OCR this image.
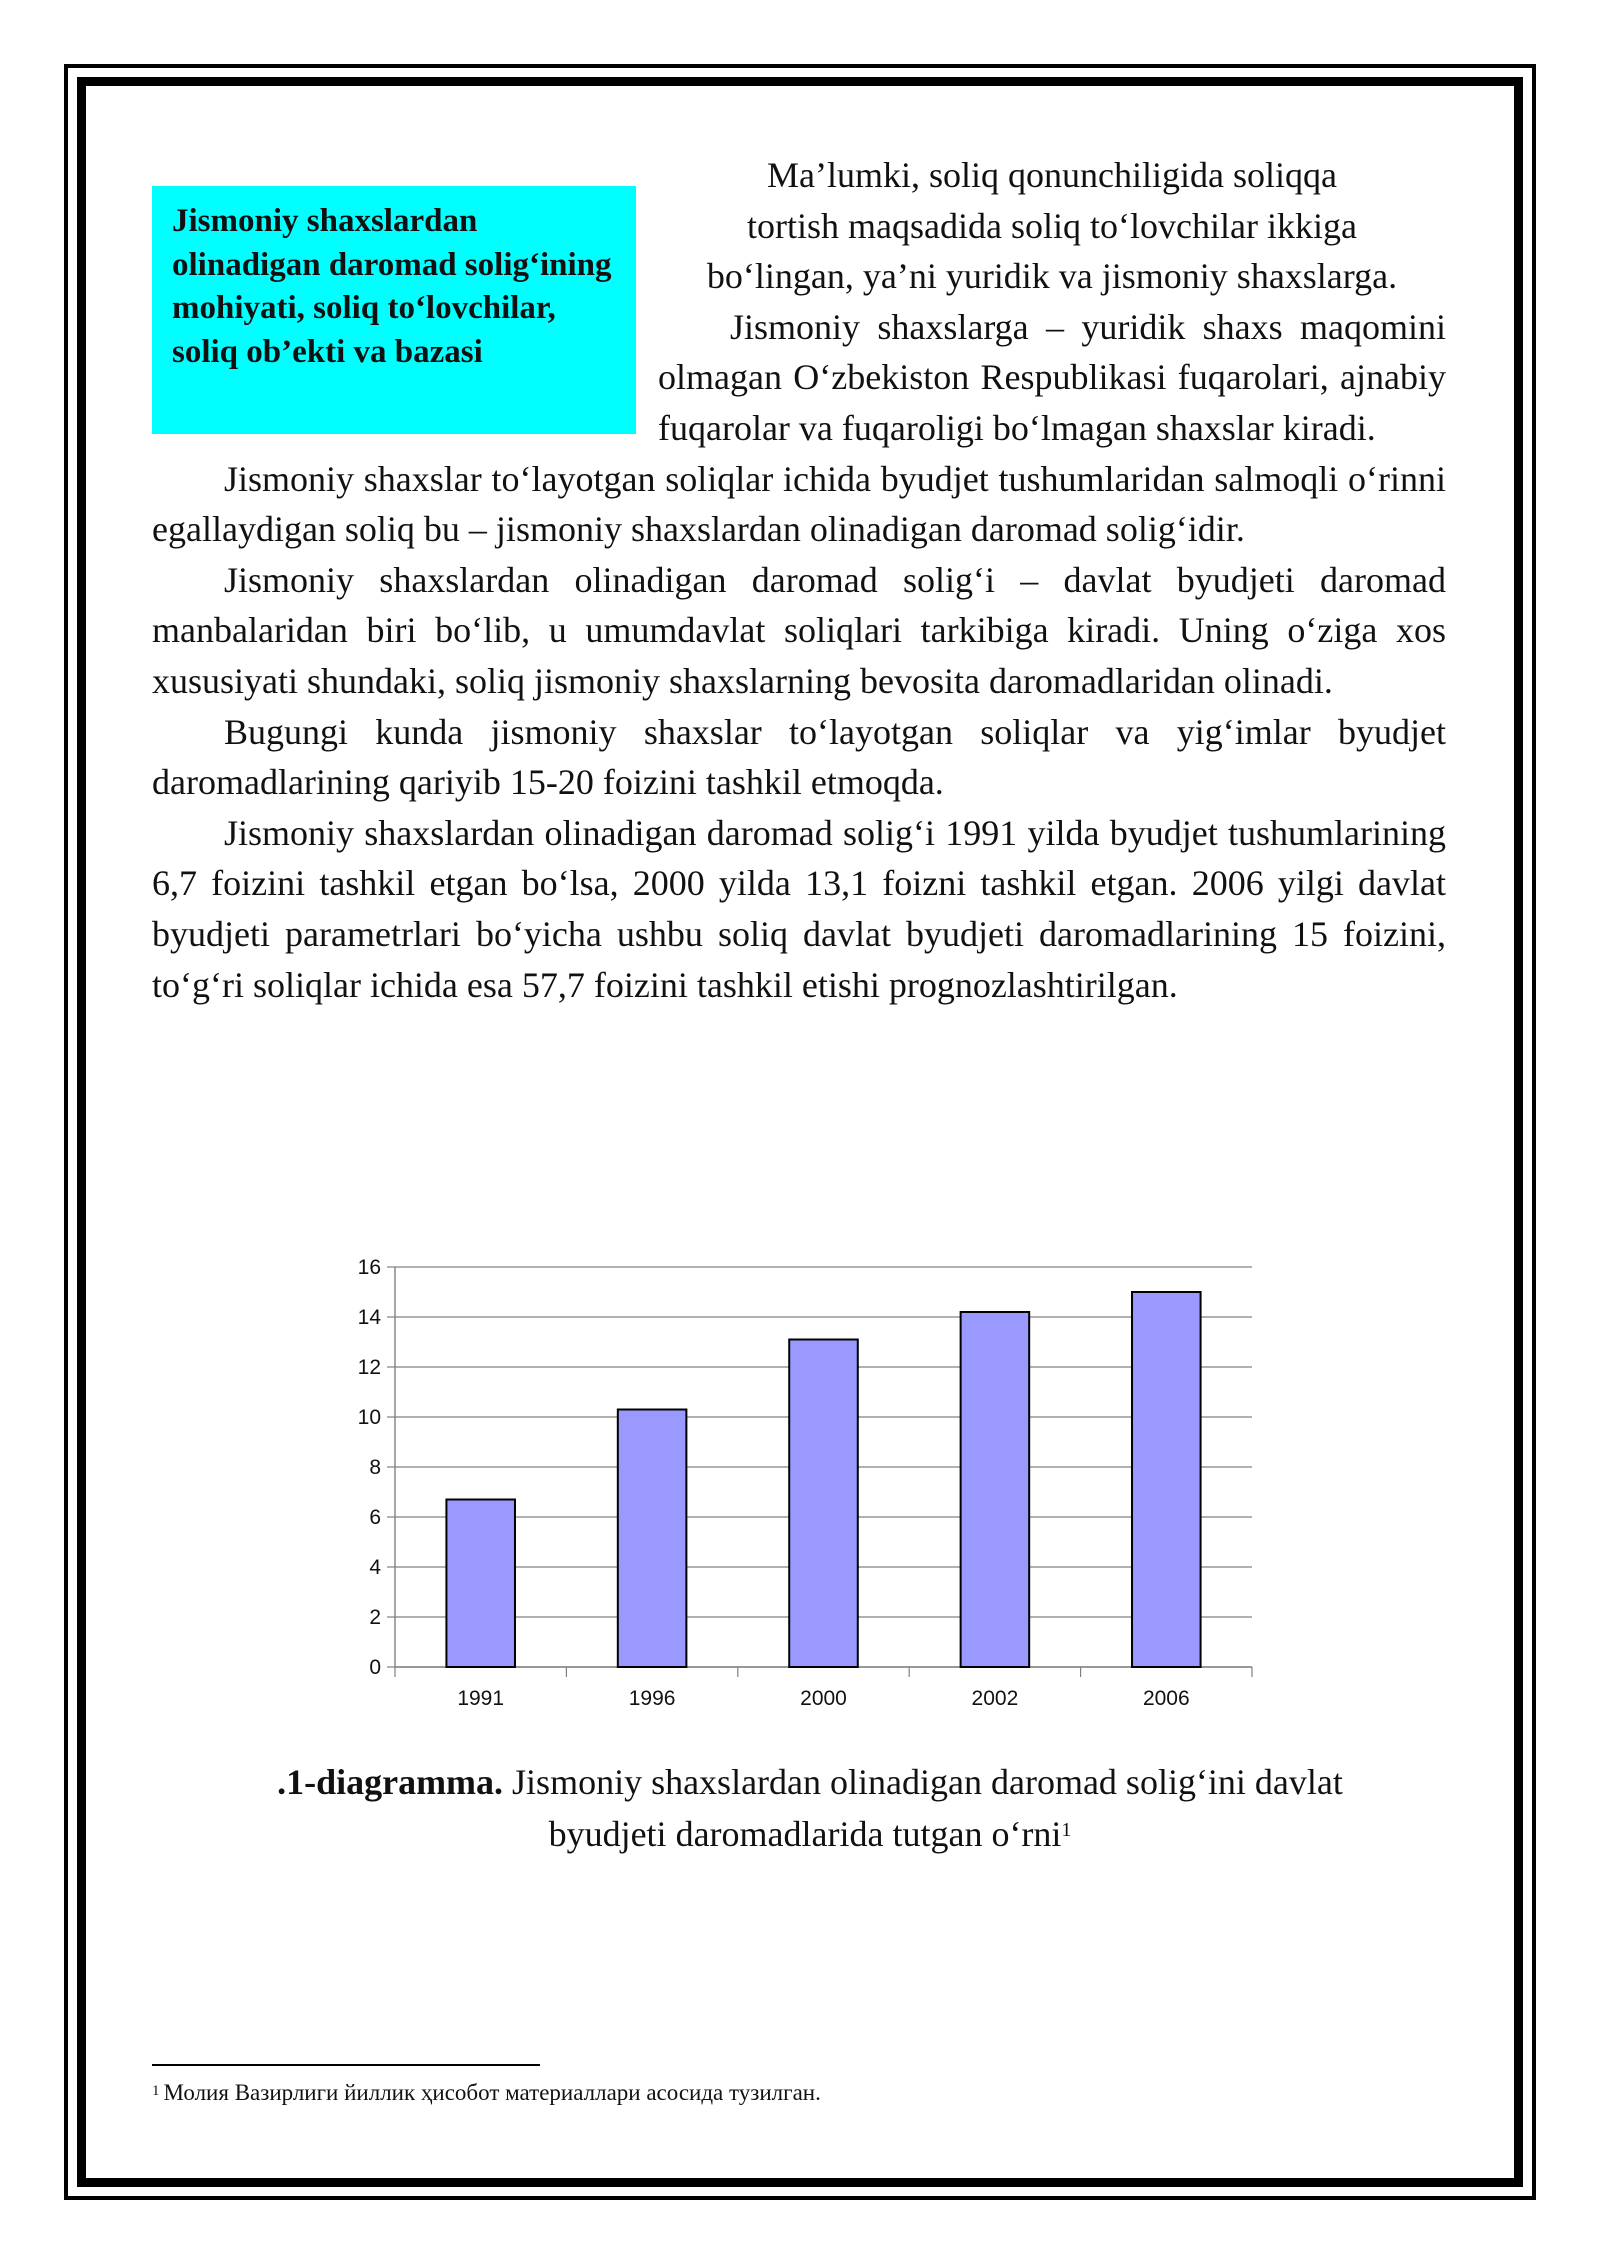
Jismoniy shaxslardan olinadigan daromad solig‘ining mohiyati, soliq to‘lovchilar, soliq ob’ekti va bazasi
Ma’lumki, soliq qonunchiligida soliqqa
tortish maqsadida soliq to‘lovchilar ikkiga
bo‘lingan, ya’ni yuridik va jismoniy shaxslarga.

Jismoniy shaxslarga – yuridik shaxs maqomini olmagan O‘zbekiston Respublikasi fuqarolari, ajnabiy fuqarolar va fuqaroligi bo‘lmagan shaxslar kiradi.

Jismoniy shaxslar to‘layotgan soliqlar ichida byudjet tushumlaridan salmoqli o‘rinni egallaydigan soliq bu – jismoniy shaxslardan olinadigan daromad solig‘idir.

Jismoniy shaxslardan olinadigan daromad solig‘i – davlat byudjeti daromad manbalaridan biri bo‘lib, u umumdavlat soliqlari tarkibiga kiradi. Uning o‘ziga xos xususiyati shundaki, soliq jismoniy shaxslarning bevosita daromadlaridan olinadi.

Bugungi kunda jismoniy shaxslar to‘layotgan soliqlar va yig‘imlar byudjet daromadlarining qariyib 15-20 foizini tashkil etmoqda.

Jismoniy shaxslardan olinadigan daromad solig‘i 1991 yilda byudjet tushumlarining 6,7 foizini tashkil etgan bo‘lsa, 2000 yilda 13,1 foizni tashkil etgan. 2006 yilgi davlat byudjeti parametrlari bo‘yicha ushbu soliq davlat byudjeti daromadlarining 15 foizini, to‘g‘ri soliqlar ichida esa 57,7 foizini tashkil etishi prognozlashtirilgan.

0
2
4
6
8
10
12
14
16
1991	1996	2000	2002	2006
.1-diagramma. Jismoniy shaxslardan olinadigan daromad solig‘ini davlat
byudjeti daromadlarida tutgan o‘rni$^1$
$^1$ Молия Вазирлиги йиллик ҳисобот материаллари асосида тузилган.
